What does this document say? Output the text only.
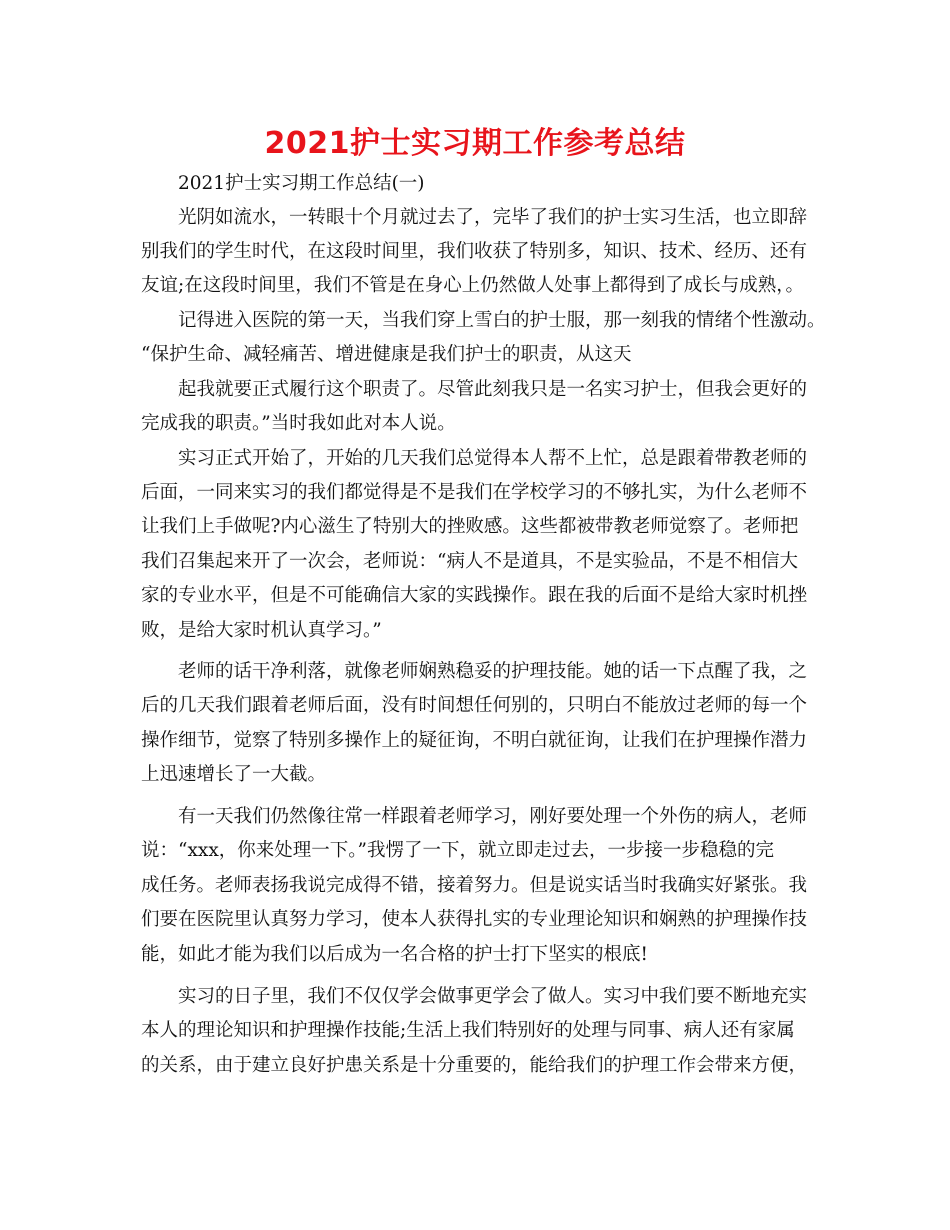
2021护士实习期工作参考总结
2021护士实习期工作总结(一)
光阴如流水，一转眼十个月就过去了，完毕了我们的护士实习生活，也立即辞
别我们的学生时代，在这段时间里，我们收获了特别多，知识、技术、经历、还有
友谊;在这段时间里，我们不管是在身心上仍然做人处事上都得到了成长与成熟，。
记得进入医院的第一天，当我们穿上雪白的护士服，那一刻我的情绪个性激动。
“保护生命、减轻痛苦、增进健康是我们护士的职责，从这天
起我就要正式履行这个职责了。尽管此刻我只是一名实习护士，但我会更好的
完成我的职责。”当时我如此对本人说。
实习正式开始了，开始的几天我们总觉得本人帮不上忙，总是跟着带教老师的
后面，一同来实习的我们都觉得是不是我们在学校学习的不够扎实，为什么老师不
让我们上手做呢?内心滋生了特别大的挫败感。这些都被带教老师觉察了。老师把
我们召集起来开了一次会，老师说：“病人不是道具，不是实验品，不是不相信大
家的专业水平，但是不可能确信大家的实践操作。跟在我的后面不是给大家时机挫
败，是给大家时机认真学习。”
老师的话干净利落，就像老师娴熟稳妥的护理技能。她的话一下点醒了我，之
后的几天我们跟着老师后面，没有时间想任何别的，只明白不能放过老师的每一个
操作细节，觉察了特别多操作上的疑征询，不明白就征询，让我们在护理操作潜力
上迅速增长了一大截。
有一天我们仍然像往常一样跟着老师学习，刚好要处理一个外伤的病人，老师
说：“xxx，你来处理一下。”我愣了一下，就立即走过去，一步接一步稳稳的完
成任务。老师表扬我说完成得不错，接着努力。但是说实话当时我确实好紧张。我
们要在医院里认真努力学习，使本人获得扎实的专业理论知识和娴熟的护理操作技
能，如此才能为我们以后成为一名合格的护士打下坚实的根底!
实习的日子里，我们不仅仅学会做事更学会了做人。实习中我们要不断地充实
本人的理论知识和护理操作技能;生活上我们特别好的处理与同事、病人还有家属
的关系，由于建立良好护患关系是十分重要的，能给我们的护理工作会带来方便，
